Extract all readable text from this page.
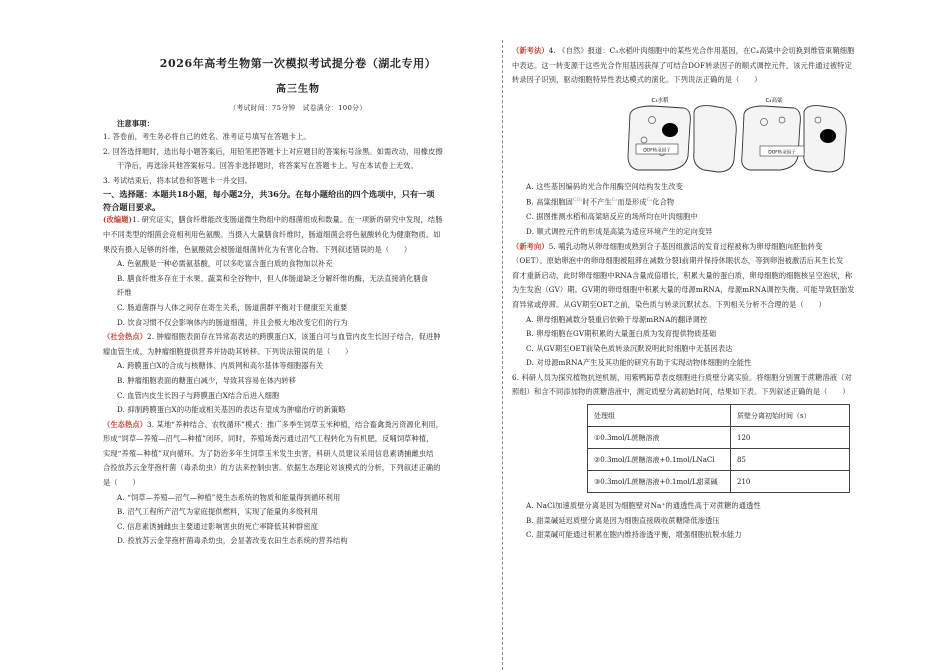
2026年高考生物第一次模拟考试提分卷（湖北专用）
高三生物
（考试时间：75分钟　试卷满分：100分）
注意事项：

1. 答卷前，考生务必将自己的姓名、准考证号填写在答题卡上。

2. 回答选择题时，选出每小题答案后，用铅笔把答题卡上对应题目的答案标号涂黑。如需改动，用橡皮擦

干净后，再选涂其他答案标号。回答非选择题时，将答案写在答题卡上。写在本试卷上无效。

3. 考试结束后，将本试卷和答题卡一并交回。

一、选择题：本题共18小题，每小题2分，共36分。在每小题给出的四个选项中，只有一项

符合题目要求。

(改编题)1. 研究证实，膳食纤维能改变肠道微生物组中的细菌组成和数量。在一项新的研究中发现，结肠

中不同类型的细菌会竞相利用色氨酸。当摄入大量膳食纤维时，肠道细菌会将色氨酸转化为健康物质。如

果没有摄入足够的纤维，色氨酸就会被肠道细菌转化为有害化合物。下列叙述错误的是（　　）

A. 色氨酸是一种必需氨基酸，可以多吃富含蛋白质的食物加以补充

B. 膳食纤维多存在于水果、蔬菜和全谷物中，但人体肠道缺乏分解纤维的酶，无法直接消化膳食

纤维

C. 肠道菌群与人体之间存在寄生关系，肠道菌群平衡对于健康至关重要

D. 饮食习惯不仅会影响体内的肠道细菌，并且会极大地改变它们的行为

（社会热点）2. 肿瘤细胞表面存在异常高表达的跨膜蛋白X，该蛋白可与血管内皮生长因子结合，促进肿

瘤血管生成，为肿瘤细胞提供营养并协助其转移。下列说法错误的是（　　）

A. 跨膜蛋白X的合成与核糖体、内质网和高尔基体等细胞器有关

B. 肿瘤细胞表面的糖蛋白减少，导致其容易在体内转移

C. 血管内皮生长因子与跨膜蛋白X结合后进入细胞

D. 抑制跨膜蛋白X的功能或相关基因的表达有望成为肿瘤治疗的新策略

（生态热点）3. 某地“养种结合、农牧循环”模式：推广多季生饲草玉米种植，结合畜禽粪污资源化利用，

形成“饲草—养殖—沼气—种植”闭环，同时，养殖场粪污通过沼气工程转化为有机肥，反哺饲草种植，

实现“养殖—种植”双向循环。为了防治多年生饲草玉米发生虫害，科研人员建议采用信息素诱捕雌虫结

合投放苏云金芽孢杆菌（毒杀幼虫）的方法来控制虫害。依据生态理论对该模式的分析，下列叙述正确的

是（　　）

A. “饲草—养殖—沼气—种植”使生态系统的物质和能量得到循环利用

B. 沼气工程所产沼气为家庭提供燃料，实现了能量的多级利用

C. 信息素诱捕雌虫主要通过影响害虫的死亡率降低其种群密度

D. 投放苏云金芽孢杆菌毒杀幼虫，会显著改变农田生态系统的营养结构

（新考法）4. 《自然》报道：C₃水稻叶肉细胞中的某些光合作用基因，在C₄高粱中会切换到维管束鞘细胞

中表达。这一转变源于这些光合作用基因获得了可结合DOF转录因子的顺式调控元件，该元件通过被特定

转录因子识别，驱动细胞特异性表达模式的演化。下列说法正确的是（　　）

DOF转录因子
C₃水稻
DOF转录因子
C₄高粱

A. 这些基因编码的光合作用酶空间结构发生改变

B. 高粱细胞固$^{CO_2}$时不产生$^{C_3}$而是形成$^{C_4}$化合物

C. 据图推测水稻和高粱暗反应的场所均在叶肉细胞中

D. 顺式调控元件的形成是高粱为适应环境产生的定向变异

（新考向）5. 哺乳动物从卵母细胞成熟到合子基因组激活的发育过程被称为卵母细胞向胚胎转变

（OET）。原始卵泡中的卵母细胞被阻滞在减数分裂Ⅰ前期并保持休眠状态，等到卵泡被激活后其生长发

育才重新启动，此时卵母细胞中RNA含量成倍增长，积累大量的蛋白质，卵母细胞的细胞核呈空泡状，称

为生发泡（GV）期。GV期的卵母细胞中积累大量的母源mRNA，母源mRNA调控失衡，可能导致胚胎发

育异常或停滞。从GV期至OET之前，染色质与转录沉默状态。下列相关分析不合理的是（　　）

A. 卵母细胞减数分裂重启依赖于母源mRNA的翻译调控

B. 卵母细胞在GV期积累的大量蛋白质为发育提供物质基础

C. 从GV期至OET前染色质转录沉默说明此时细胞中无基因表达

D. 对母源mRNA产生及其功能的研究有助于实现动物体细胞的全能性

6. 科研人员为探究植物抗逆机制，用紫鸭跖草表皮细胞进行质壁分离实验。将细胞分别置于蔗糖溶液（对

照组）和含不同添加物的蔗糖溶液中，测定质壁分离初始时间，结果如下表。下列叙述正确的是（　　）

处理组	质壁分离初始时间（s）
①0.3mol/L蔗糖溶液	120
②0.3mol/L蔗糖溶液+0.1mol/LNaCl	85
③0.3mol/L蔗糖溶液+0.1mol/L甜菜碱	210

A. NaCl加速质壁分离是因为细胞壁对Na⁺的通透性高于对蔗糖的通透性

B. 甜菜碱延迟质壁分离是因为细胞直接吸收蔗糖降低渗透压

C. 甜菜碱可能通过积累在胞内维持渗透平衡，增强细胞抗脱水能力
